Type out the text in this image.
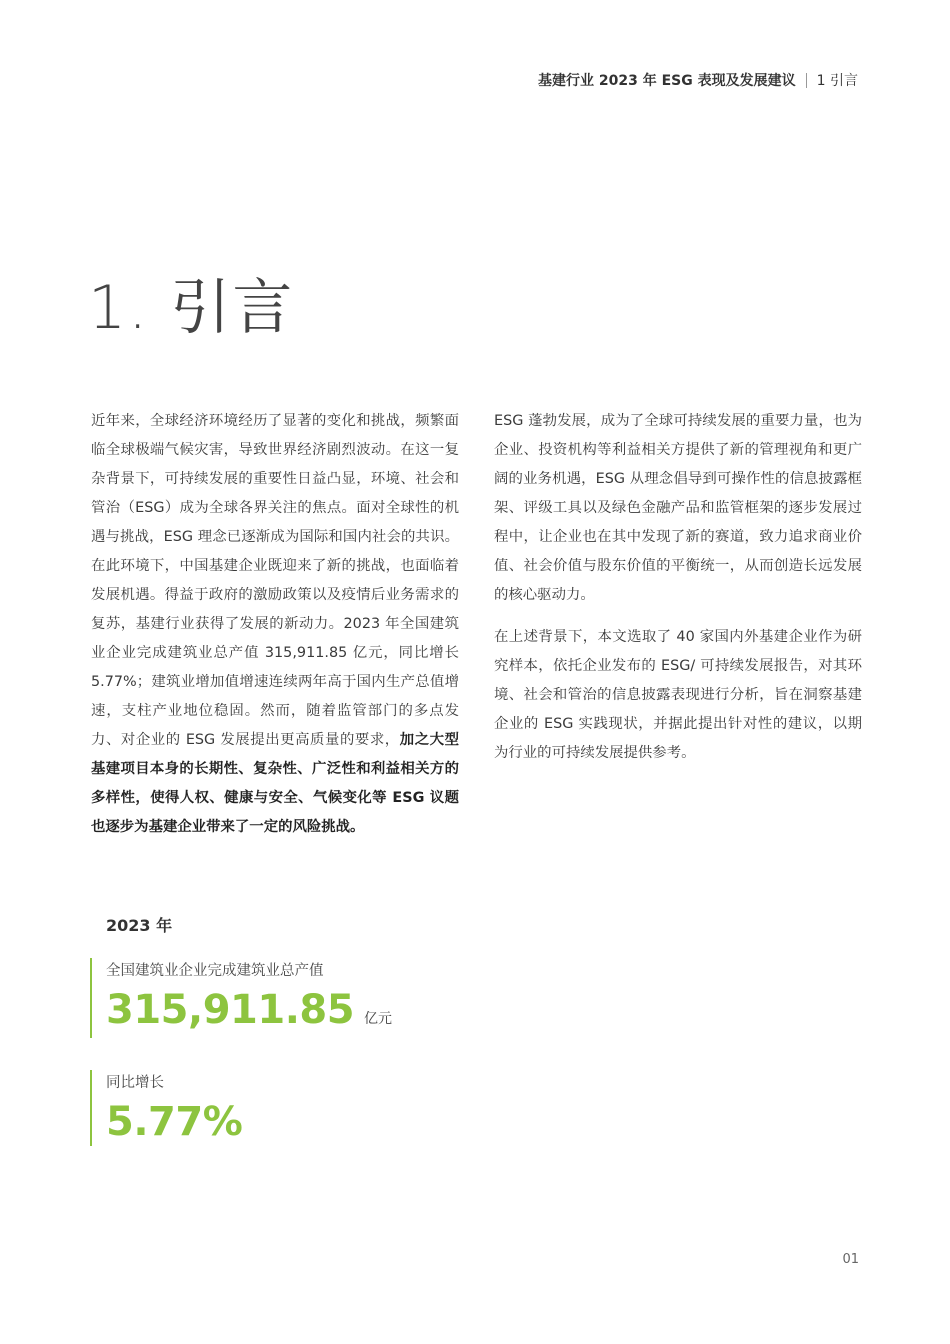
基建行业 2023 年 ESG 表现及发展建议 1 引言
1. 引言

近年来，全球经济环境经历了显著的变化和挑战，频繁面临全球极端气候灾害，导致世界经济剧烈波动。在这一复杂背景下，可持续发展的重要性日益凸显，环境、社会和管治（ESG）成为全球各界关注的焦点。面对全球性的机遇与挑战，ESG 理念已逐渐成为国际和国内社会的共识。在此环境下，中国基建企业既迎来了新的挑战，也面临着发展机遇。得益于政府的激励政策以及疫情后业务需求的复苏，基建行业获得了发展的新动力。2023 年全国建筑业企业完成建筑业总产值 315,911.85 亿元，同比增长 5.77%；建筑业增加值增速连续两年高于国内生产总值增速，支柱产业地位稳固。然而，随着监管部门的多点发力、对企业的 ESG 发展提出更高质量的要求，加之大型基建项目本身的长期性、复杂性、广泛性和利益相关方的多样性，使得人权、健康与安全、气候变化等 ESG 议题也逐步为基建企业带来了一定的风险挑战。

ESG 蓬勃发展，成为了全球可持续发展的重要力量，也为企业、投资机构等利益相关方提供了新的管理视角和更广阔的业务机遇，ESG 从理念倡导到可操作性的信息披露框架、评级工具以及绿色金融产品和监管框架的逐步发展过程中，让企业也在其中发现了新的赛道，致力追求商业价值、社会价值与股东价值的平衡统一，从而创造长远发展的核心驱动力。

在上述背景下，本文选取了 40 家国内外基建企业作为研究样本，依托企业发布的 ESG/ 可持续发展报告，对其环境、社会和管治的信息披露表现进行分析，旨在洞察基建企业的 ESG 实践现状，并据此提出针对性的建议，以期为行业的可持续发展提供参考。

2023 年
全国建筑业企业完成建筑业总产值
315,911.85 亿元
同比增长
5.77%
01
